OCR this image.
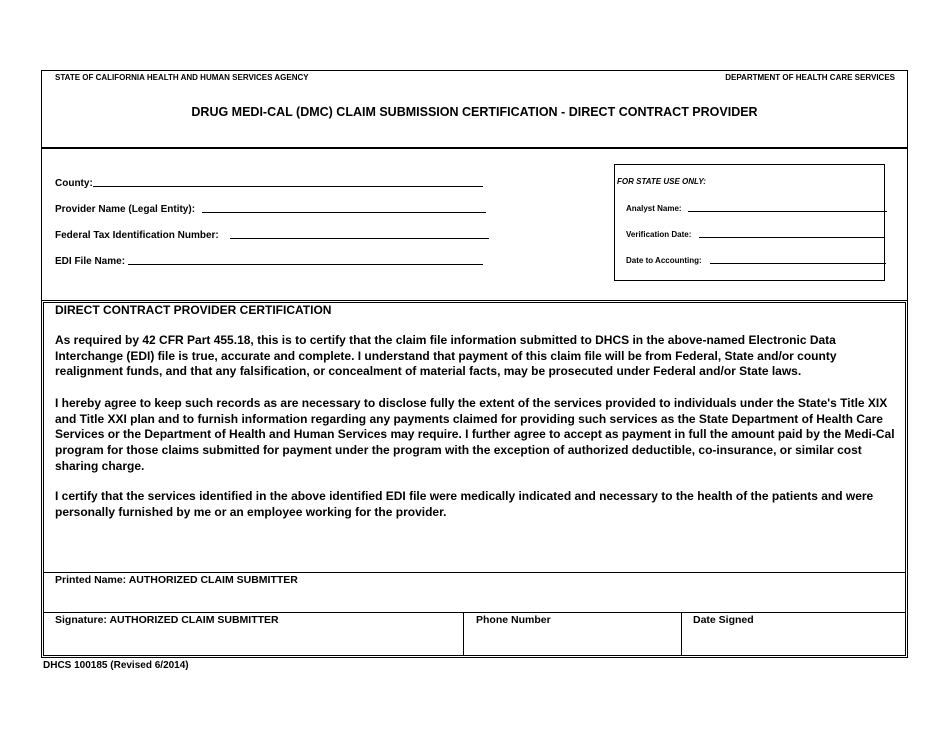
STATE OF CALIFORNIA HEALTH AND HUMAN SERVICES AGENCY	DEPARTMENT OF HEALTH CARE SERVICES
DRUG MEDI-CAL (DMC) CLAIM SUBMISSION CERTIFICATION - DIRECT CONTRACT PROVIDER
County:
Provider Name (Legal Entity):
Federal Tax Identification Number:
EDI File Name:
FOR STATE USE ONLY:
Analyst Name:
Verification Date:
Date to Accounting:
DIRECT CONTRACT PROVIDER CERTIFICATION
As required by 42 CFR Part 455.18, this is to certify that the claim file information submitted to DHCS in the above-named Electronic Data Interchange (EDI) file is true, accurate and complete. I understand that payment of this claim file will be from Federal, State and/or county realignment funds, and that any falsification, or concealment of material facts, may be prosecuted under Federal and/or State laws.
I hereby agree to keep such records as are necessary to disclose fully the extent of the services provided to individuals under the State's Title XIX and Title XXI plan and to furnish information regarding any payments claimed for providing such services as the State Department of Health Care Services or the Department of Health and Human Services may require. I further agree to accept as payment in full the amount paid by the Medi-Cal program for those claims submitted for payment under the program with the exception of authorized deductible, co-insurance, or similar cost sharing charge.
I certify that the services identified in the above identified EDI file were medically indicated and necessary to the health of the patients and were personally furnished by me or an employee working for the provider.
Printed Name: AUTHORIZED CLAIM SUBMITTER
Signature: AUTHORIZED CLAIM SUBMITTER	Phone Number	Date Signed
DHCS 100185 (Revised 6/2014)
